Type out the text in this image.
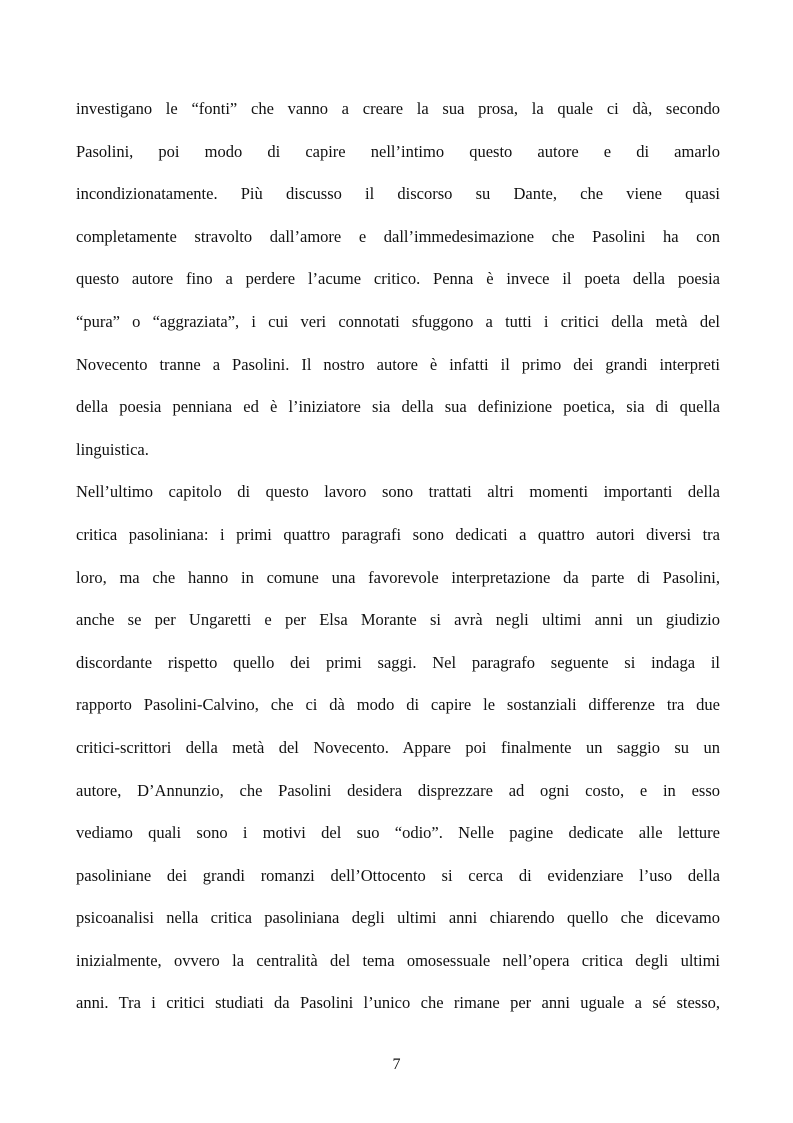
investigano le “fonti” che vanno a creare la sua prosa, la quale ci dà, secondo
Pasolini, poi modo di capire nell’intimo questo autore e di amarlo
incondizionatamente. Più discusso il discorso su Dante, che viene quasi
completamente stravolto dall’amore e dall’immedesimazione che Pasolini ha con
questo autore fino a perdere l’acume critico. Penna è invece il poeta della poesia
“pura” o “aggraziata”, i cui veri connotati sfuggono a tutti i critici della metà del
Novecento tranne a Pasolini. Il nostro autore è infatti il primo dei grandi interpreti
della poesia penniana ed è l’iniziatore sia della sua definizione poetica, sia di quella
linguistica.
Nell’ultimo capitolo di questo lavoro sono trattati altri momenti importanti della
critica pasoliniana: i primi quattro paragrafi sono dedicati a quattro autori diversi tra
loro, ma che hanno in comune una favorevole interpretazione da parte di Pasolini,
anche se per Ungaretti e per Elsa Morante si avrà negli ultimi anni un giudizio
discordante rispetto quello dei primi saggi. Nel paragrafo seguente si indaga il
rapporto Pasolini-Calvino, che ci dà modo di capire le sostanziali differenze tra due
critici-scrittori della metà del Novecento. Appare poi finalmente un saggio su un
autore, D’Annunzio, che Pasolini desidera disprezzare ad ogni costo, e in esso
vediamo quali sono i motivi del suo “odio”. Nelle pagine dedicate alle letture
pasoliniane dei grandi romanzi dell’Ottocento si cerca di evidenziare l’uso della
psicoanalisi nella critica pasoliniana degli ultimi anni chiarendo quello che dicevamo
inizialmente, ovvero la centralità del tema omosessuale nell’opera critica degli ultimi
anni. Tra i critici studiati da Pasolini l’unico che rimane per anni uguale a sé stesso,
7
